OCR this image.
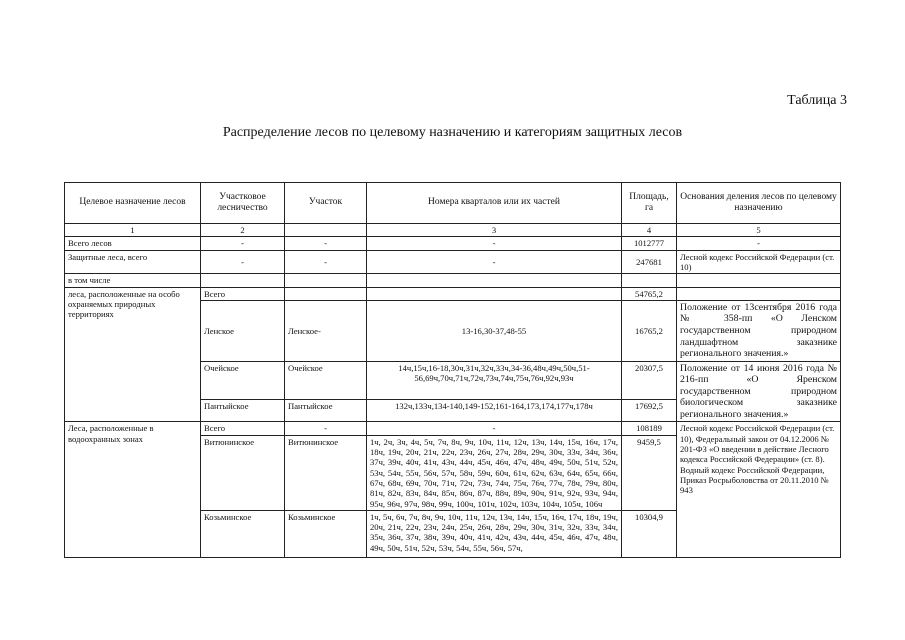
Таблица 3
Распределение лесов по целевому назначению и категориям защитных лесов
Целевое назначение лесов	Участковое лесничество	Участок	Номера кварталов или их частей	Площадь, га	Основания деления лесов по целевому назначению
1	2		3	4	5
Всего лесов	-	-	-	1012777	-
Защитные леса, всего	-	-	-	247681	Лесной кодекс Российской Федерации (ст. 10)
в том числе					
леса, расположенные на особо охраняемых природных территориях	Всего			54765,2	
	Ленское	Ленское-	13-16,30-37,48-55	16765,2	Положение от 13сентября 2016 года № 358-пп «О Ленском государственном природном ландшафтном заказнике регионального значения.»
	Очейское	Очейское	14ч,15ч,16-18,30ч,31ч,32ч,33ч,34-36,48ч,49ч,50ч,51-56,69ч,70ч,71ч,72ч,73ч,74ч,75ч,76ч,92ч,93ч	20307,5	Положение от 14 июня 2016 года № 216-пп «О Яренском государственном природном биологическом заказнике регионального значения.»
	Пантыйское	Пантыйское	132ч,133ч,134-140,149-152,161-164,173,174,177ч,178ч	17692,5	
Леса, расположенные в водоохранных зонах	Всего	-	-	108189	Лесной кодекс Российской Федерации (ст. 10), Федеральный закон от 04.12.2006 № 201-ФЗ «О введении в действие Лесного кодекса Российской Федерации» (ст. 8). Водный кодекс Российской Федерации, Приказ Росрыболовства от 20.11.2010 № 943
	Витюнинское	Витюнинское	1ч, 2ч, 3ч, 4ч, 5ч, 7ч, 8ч, 9ч, 10ч, 11ч, 12ч, 13ч, 14ч, 15ч, 16ч, 17ч, 18ч, 19ч, 20ч, 21ч, 22ч, 23ч, 26ч, 27ч, 28ч, 29ч, 30ч, 33ч, 34ч, 36ч, 37ч, 39ч, 40ч, 41ч, 43ч, 44ч, 45ч, 46ч, 47ч, 48ч, 49ч, 50ч, 51ч, 52ч, 53ч, 54ч, 55ч, 56ч, 57ч, 58ч, 59ч, 60ч, 61ч, 62ч, 63ч, 64ч, 65ч, 66ч, 67ч, 68ч, 69ч, 70ч, 71ч, 72ч, 73ч, 74ч, 75ч, 76ч, 77ч, 78ч, 79ч, 80ч, 81ч, 82ч, 83ч, 84ч, 85ч, 86ч, 87ч, 88ч, 89ч, 90ч, 91ч, 92ч, 93ч, 94ч, 95ч, 96ч, 97ч, 98ч, 99ч, 100ч, 101ч, 102ч, 103ч, 104ч, 105ч, 106ч	9459,5	
	Козьминское	Козьминское	1ч, 5ч, 6ч, 7ч, 8ч, 9ч, 10ч, 11ч, 12ч, 13ч, 14ч, 15ч, 16ч, 17ч, 18ч, 19ч, 20ч, 21ч, 22ч, 23ч, 24ч, 25ч, 26ч, 28ч, 29ч, 30ч, 31ч, 32ч, 33ч, 34ч, 35ч, 36ч, 37ч, 38ч, 39ч, 40ч, 41ч, 42ч, 43ч, 44ч, 45ч, 46ч, 47ч, 48ч, 49ч, 50ч, 51ч, 52ч, 53ч, 54ч, 55ч, 56ч, 57ч,	10304,9	
